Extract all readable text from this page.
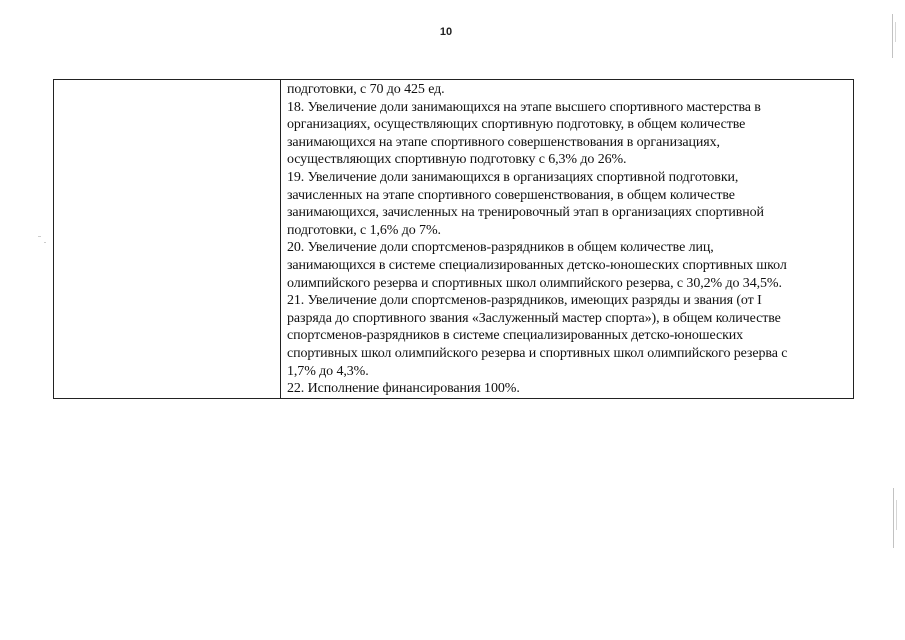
10
подготовки, с 70 до 425 ед.
18. Увеличение доли занимающихся на этапе высшего спортивного мастерства в
организациях, осуществляющих спортивную подготовку, в общем количестве
занимающихся на этапе спортивного совершенствования в организациях,
осуществляющих спортивную подготовку с 6,3% до 26%.
19. Увеличение доли занимающихся в организациях спортивной подготовки,
зачисленных на этапе спортивного совершенствования, в общем количестве
занимающихся, зачисленных на тренировочный этап в организациях спортивной
подготовки, с 1,6% до 7%.
20. Увеличение доли спортсменов-разрядников в общем количестве лиц,
занимающихся в системе специализированных детско-юношеских спортивных школ
олимпийского резерва и спортивных школ олимпийского резерва, с 30,2% до 34,5%.
21. Увеличение доли спортсменов-разрядников, имеющих разряды и звания (от I
разряда до спортивного звания «Заслуженный мастер спорта»), в общем количестве
спортсменов-разрядников в системе специализированных детско-юношеских
спортивных школ олимпийского резерва и спортивных школ олимпийского резерва с
1,7% до 4,3%.
22. Исполнение финансирования 100%.
